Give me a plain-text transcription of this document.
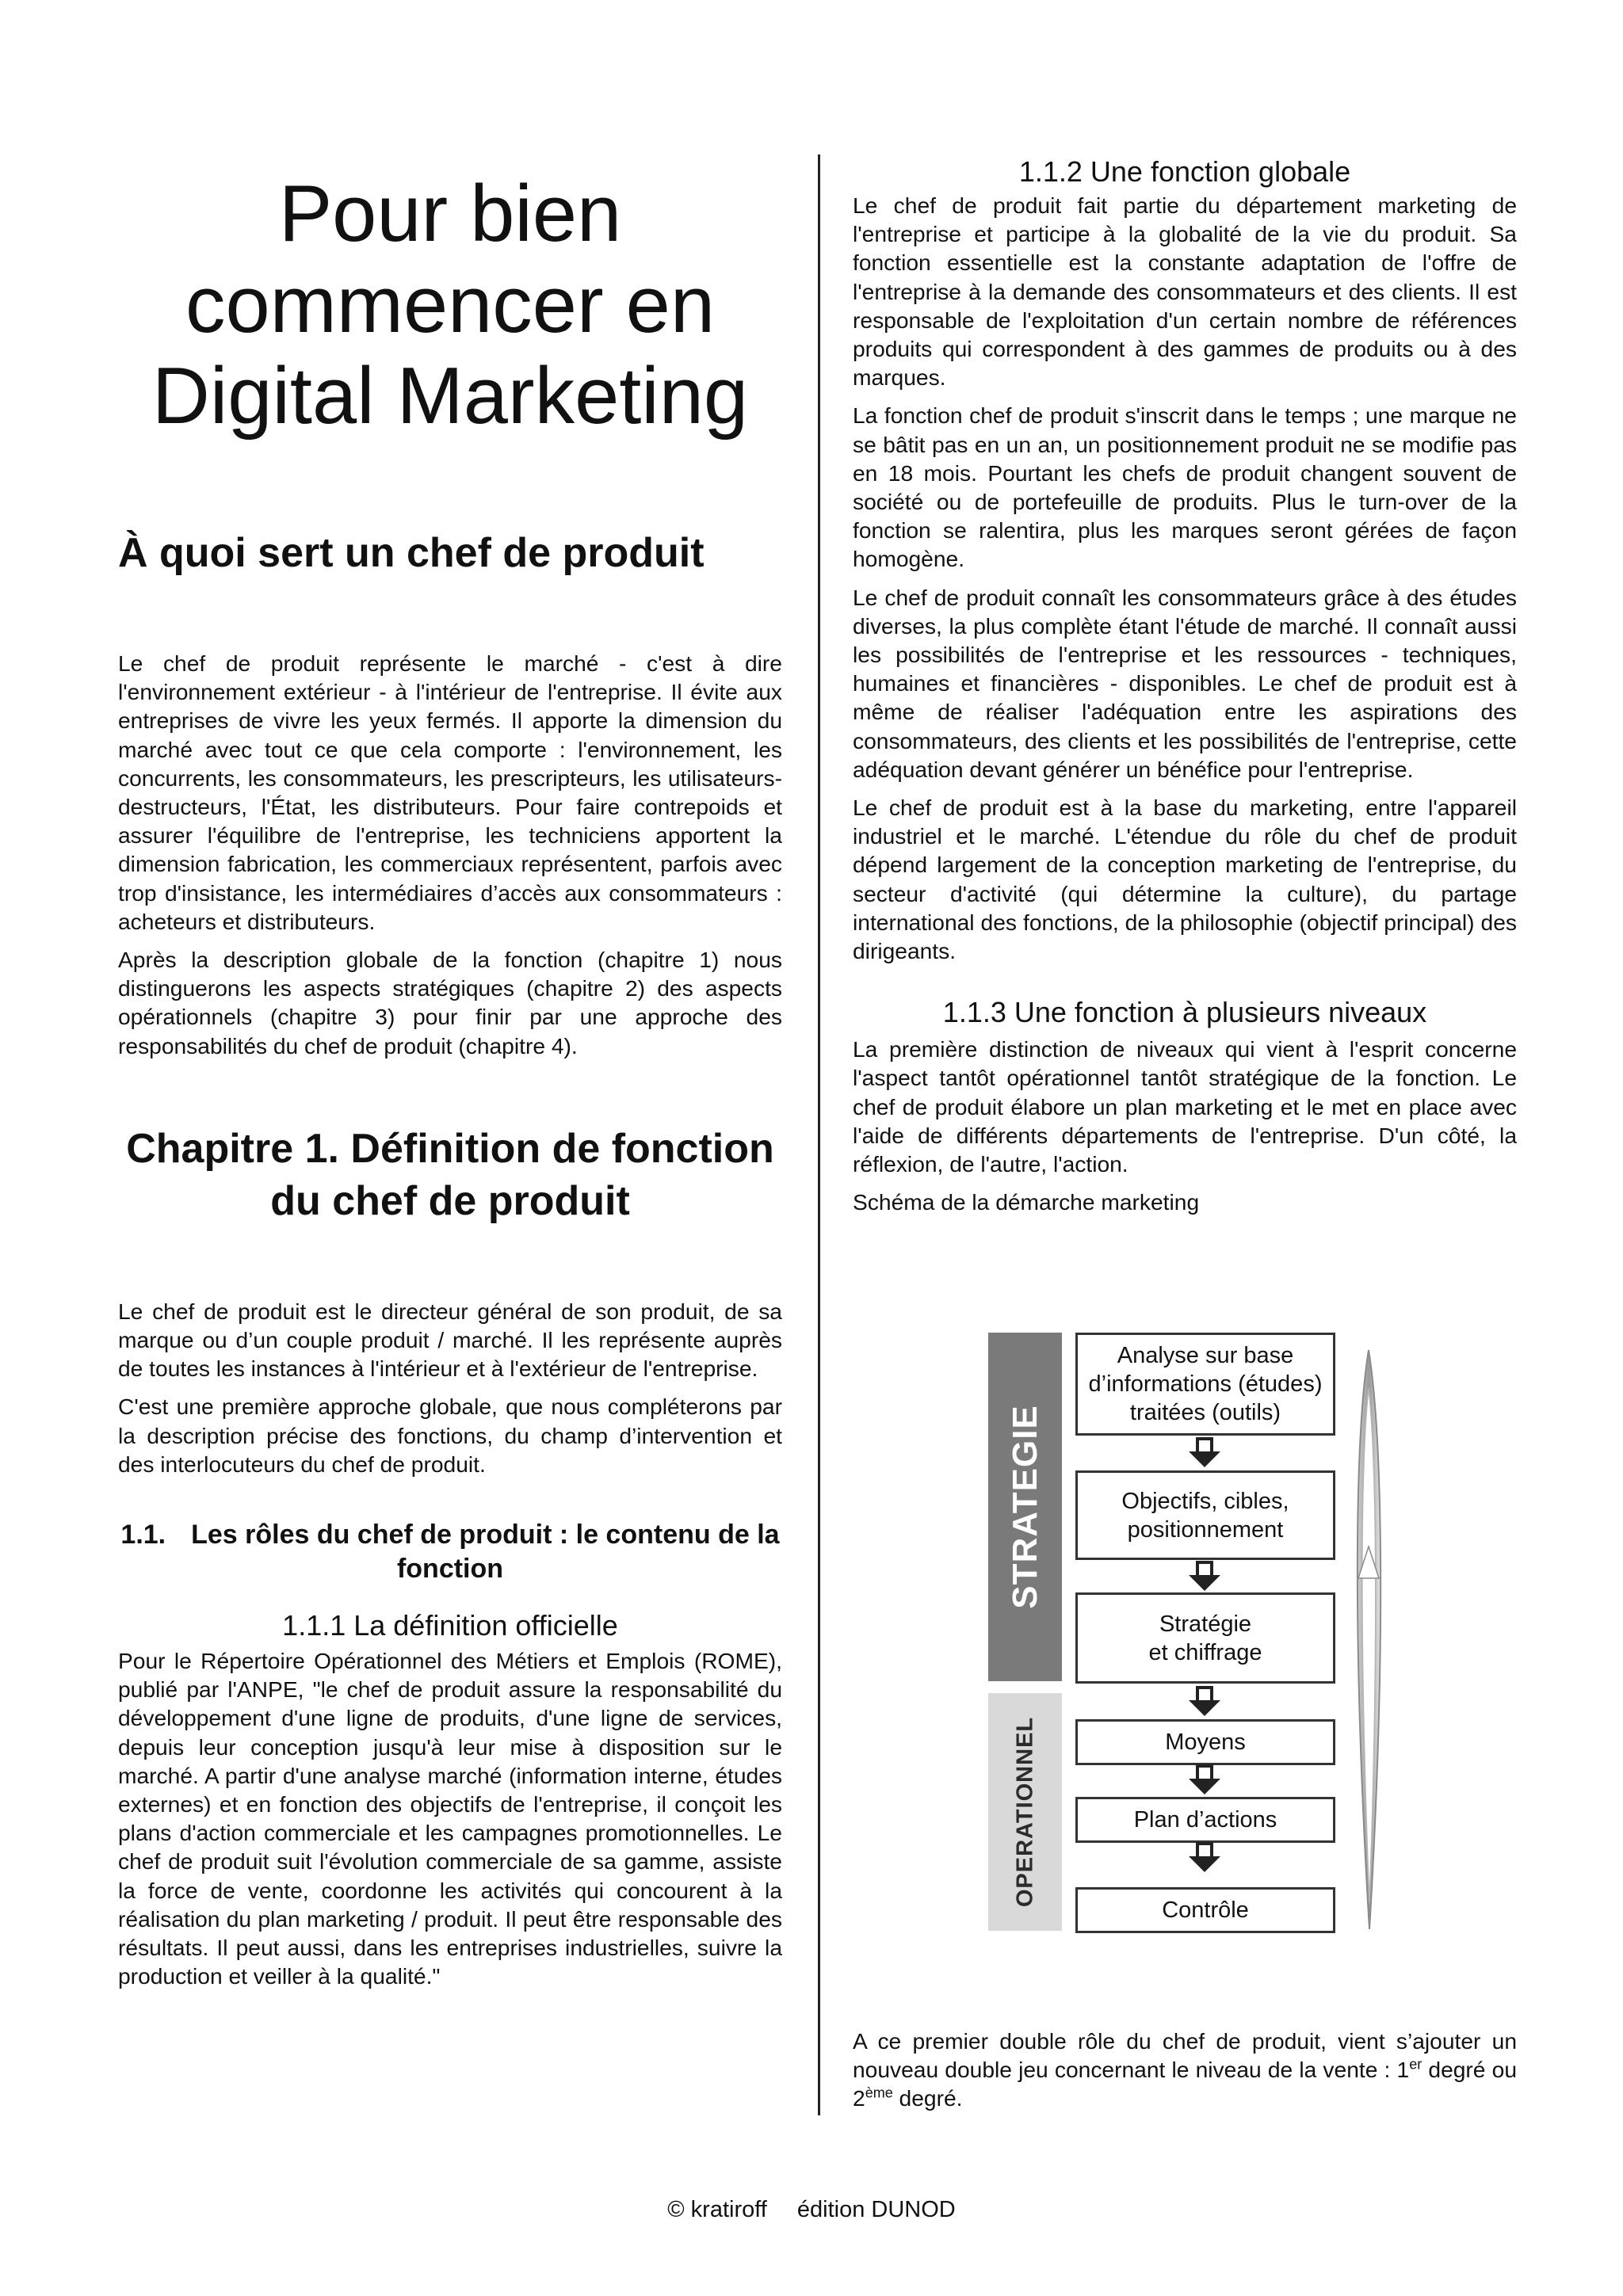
Pour bien commencer en Digital Marketing
À quoi sert un chef de produit

Le chef de produit représente le marché - c'est à dire l'environnement extérieur - à l'intérieur de l'entreprise. Il évite aux entreprises de vivre les yeux fermés. Il apporte la dimension du marché avec tout ce que cela comporte : l'environnement, les concurrents, les consommateurs, les prescripteurs, les utilisateurs-destructeurs, l'État, les distributeurs. Pour faire contrepoids et assurer l'équilibre de l'entreprise, les techniciens apportent la dimension fabrication, les commerciaux représentent, parfois avec trop d'insistance, les intermédiaires d’accès aux consommateurs : acheteurs et distributeurs.

Après la description globale de la fonction (chapitre 1) nous distinguerons les aspects stratégiques (chapitre 2) des aspects opérationnels (chapitre 3) pour finir par une approche des responsabilités du chef de produit (chapitre 4).

Chapitre 1. Définition de fonction du chef de produit

Le chef de produit est le directeur général de son produit, de sa marque ou d’un couple produit / marché. Il les représente auprès de toutes les instances à l'intérieur et à l'extérieur de l'entreprise.

C'est une première approche globale, que nous compléterons par la description précise des fonctions, du champ d’intervention et des interlocuteurs du chef de produit.

1.1. Les rôles du chef de produit : le contenu de la fonction
1.1.1 La définition officielle

Pour le Répertoire Opérationnel des Métiers et Emplois (ROME), publié par l'ANPE, "le chef de produit assure la responsabilité du développement d'une ligne de produits, d'une ligne de services, depuis leur conception jusqu'à leur mise à disposition sur le marché. A partir d'une analyse marché (information interne, études externes) et en fonction des objectifs de l'entreprise, il conçoit les plans d'action commerciale et les campagnes promotionnelles. Le chef de produit suit l'évolution commerciale de sa gamme, assiste la force de vente, coordonne les activités qui concourent à la réalisation du plan marketing / produit. Il peut être responsable des résultats. Il peut aussi, dans les entreprises industrielles, suivre la production et veiller à la qualité."

1.1.2 Une fonction globale

Le chef de produit fait partie du département marketing de l'entreprise et participe à la globalité de la vie du produit. Sa fonction essentielle est la constante adaptation de l'offre de l'entreprise à la demande des consommateurs et des clients. Il est responsable de l'exploitation d'un certain nombre de références produits qui correspondent à des gammes de produits ou à des marques.

La fonction chef de produit s'inscrit dans le temps ; une marque ne se bâtit pas en un an, un positionnement produit ne se modifie pas en 18 mois. Pourtant les chefs de produit changent souvent de société ou de portefeuille de produits. Plus le turn-over de la fonction se ralentira, plus les marques seront gérées de façon homogène.

Le chef de produit connaît les consommateurs grâce à des études diverses, la plus complète étant l'étude de marché. Il connaît aussi les possibilités de l'entreprise et les ressources - techniques, humaines et financières - disponibles. Le chef de produit est à même de réaliser l'adéquation entre les aspirations des consommateurs, des clients et les possibilités de l'entreprise, cette adéquation devant générer un bénéfice pour l'entreprise.

Le chef de produit est à la base du marketing, entre l'appareil industriel et le marché. L'étendue du rôle du chef de produit dépend largement de la conception marketing de l'entreprise, du secteur d'activité (qui détermine la culture), du partage international des fonctions, de la philosophie (objectif principal) des dirigeants.

1.1.3 Une fonction à plusieurs niveaux

La première distinction de niveaux qui vient à l'esprit concerne l'aspect tantôt opérationnel tantôt stratégique de la fonction. Le chef de produit élabore un plan marketing et le met en place avec l'aide de différents départements de l'entreprise. D'un côté, la réflexion, de l'autre, l'action.

Schéma de la démarche marketing

STRATEGIE
OPERATIONNEL
Analyse sur base
d’informations (études)
traitées (outils)
Objectifs, cibles,
positionnement
Stratégie
et chiffrage
Moyens
Plan d’actions
Contrôle

A ce premier double rôle du chef de produit, vient s’ajouter un nouveau double jeu concernant le niveau de la vente : 1er degré ou 2ème degré.

© kratiroff édition DUNOD
